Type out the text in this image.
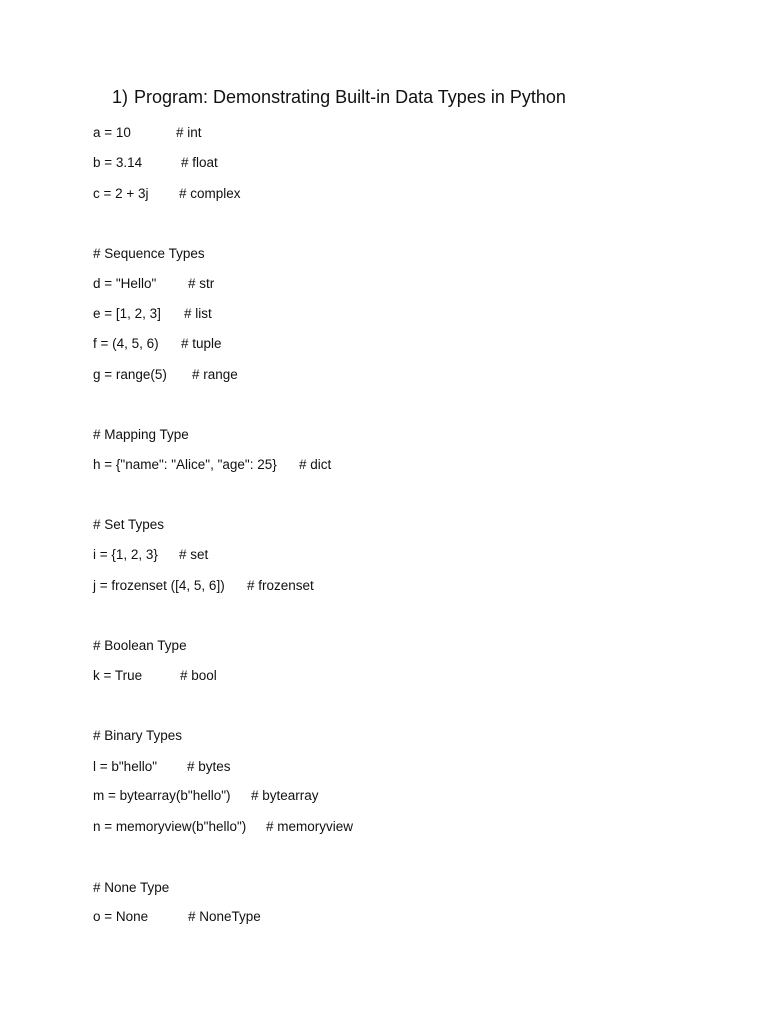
1) Program: Demonstrating Built-in Data Types in Python
a = 10	# int
b = 3.14	# float
c = 2 + 3j # complex
# Sequence Types
d = "Hello" # str
e = [1, 2, 3] # list
f = (4, 5, 6) # tuple
g = range(5) # range
# Mapping Type
h = {"name": "Alice", "age": 25} # dict
# Set Types
i = {1, 2, 3} # set
j = frozenset ([4, 5, 6]) # frozenset
# Boolean Type
k = True	# bool
# Binary Types
l = b"hello" # bytes
m = bytearray(b"hello") # bytearray
n = memoryview(b"hello") # memoryview
# None Type
o = None	# NoneType
